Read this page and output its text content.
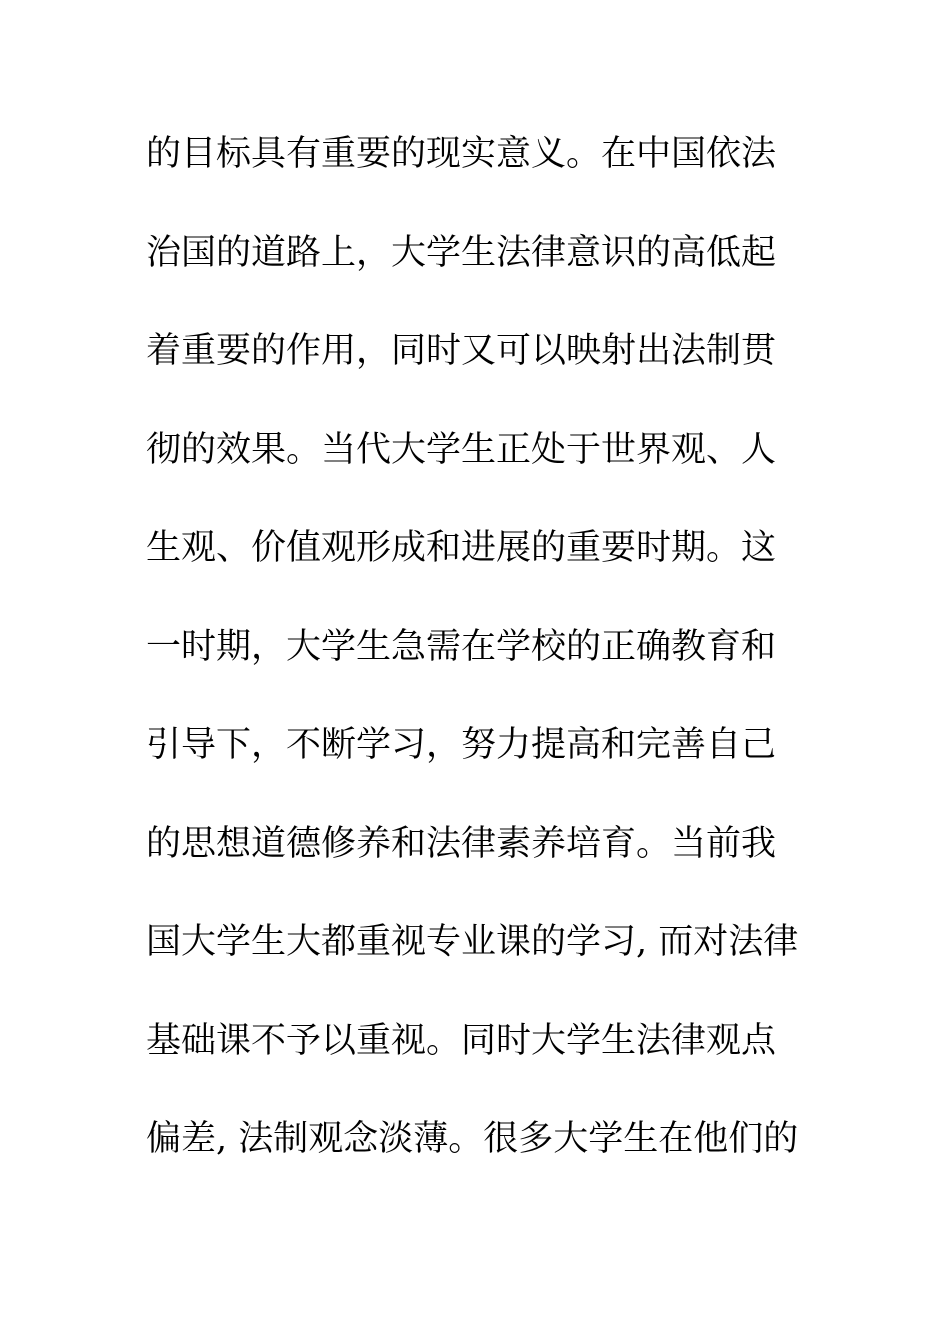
的目标具有重要的现实意义。在中国依法
治国的道路上，大学生法律意识的高低起
着重要的作用，同时又可以映射出法制贯
彻的效果。当代大学生正处于世界观、人
生观、价值观形成和进展的重要时期。这
一时期，大学生急需在学校的正确教育和
引导下，不断学习，努力提高和完善自己
的思想道德修养和法律素养培育。当前我
国大学生大都重视专业课的学习, 而对法律
基础课不予以重视。同时大学生法律观点
偏差, 法制观念淡薄。很多大学生在他们的
